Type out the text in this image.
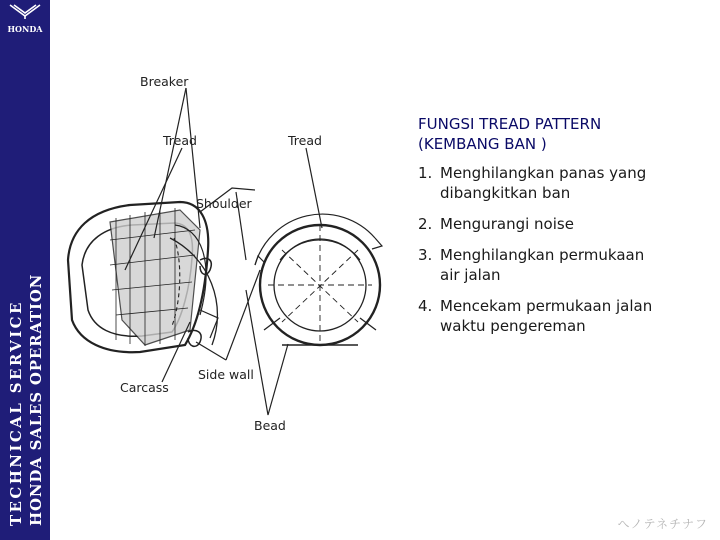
HONDA
TECHNICAL SERVICE HONDA SALES OPERATION
Breaker
Tread	Tread
Shoulder
Carcass
Side wall
Bead
FUNGSI TREAD PATTERN
(KEMBANG BAN )
1. Menghilangkan panas yang
dibangkitkan ban
2. Mengurangi noise
3. Menghilangkan permukaan
air jalan
4. Mencekam permukaan jalan
waktu pengereman
へノテネチナフ
